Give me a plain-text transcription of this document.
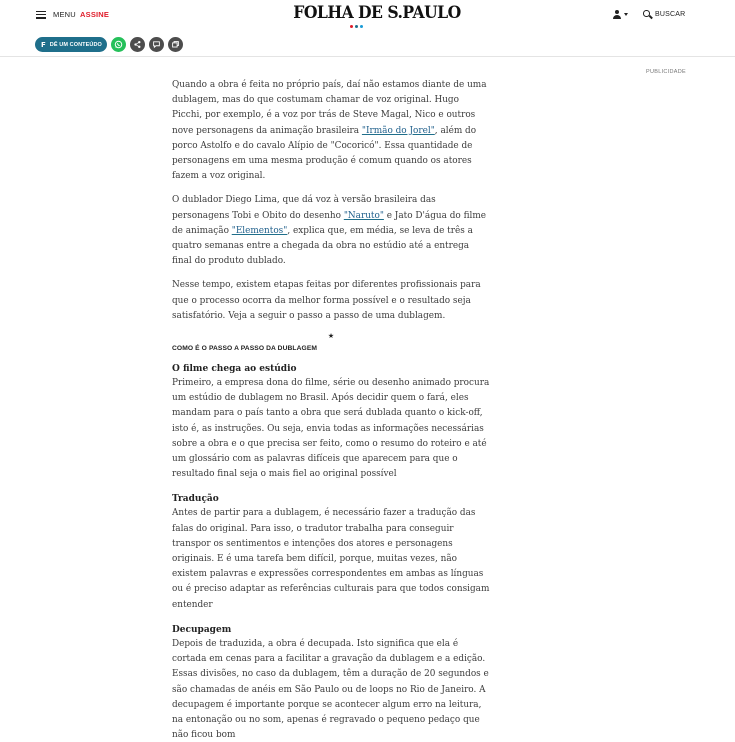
MENU ASSINE	FOLHA DE S.PAULO	BUSCAR
F DÊ UM CONTEÚDO
PUBLICIDADE

Quando a obra é feita no próprio país, daí não estamos diante de uma dublagem, mas do que costumam chamar de voz original. Hugo Picchi, por exemplo, é a voz por trás de Steve Magal, Nico e outros nove personagens da animação brasileira "Irmão do Jorel", além do porco Astolfo e do cavalo Alípio de "Cocoricó". Essa quantidade de personagens em uma mesma produção é comum quando os atores fazem a voz original.

O dublador Diego Lima, que dá voz à versão brasileira das personagens Tobi e Obito do desenho "Naruto" e Jato D'água do filme de animação "Elementos", explica que, em média, se leva de três a quatro semanas entre a chegada da obra no estúdio até a entrega final do produto dublado.

Nesse tempo, existem etapas feitas por diferentes profissionais para que o processo ocorra da melhor forma possível e o resultado seja satisfatório. Veja a seguir o passo a passo de uma dublagem.

★
COMO É O PASSO A PASSO DA DUBLAGEM
O filme chega ao estúdio

Primeiro, a empresa dona do filme, série ou desenho animado procura um estúdio de dublagem no Brasil. Após decidir quem o fará, eles mandam para o país tanto a obra que será dublada quanto o kick-off, isto é, as instruções. Ou seja, envia todas as informações necessárias sobre a obra e o que precisa ser feito, como o resumo do roteiro e até um glossário com as palavras difíceis que aparecem para que o resultado final seja o mais fiel ao original possível

Tradução

Antes de partir para a dublagem, é necessário fazer a tradução das falas do original. Para isso, o tradutor trabalha para conseguir transpor os sentimentos e intenções dos atores e personagens originais. E é uma tarefa bem difícil, porque, muitas vezes, não existem palavras e expressões correspondentes em ambas as línguas ou é preciso adaptar as referências culturais para que todos consigam entender

Decupagem

Depois de traduzida, a obra é decupada. Isto significa que ela é cortada em cenas para a facilitar a gravação da dublagem e a edição. Essas divisões, no caso da dublagem, têm a duração de 20 segundos e são chamadas de anéis em São Paulo ou de loops no Rio de Janeiro. A decupagem é importante porque se acontecer algum erro na leitura, na entonação ou no som, apenas é regravado o pequeno pedaço que não ficou bom
